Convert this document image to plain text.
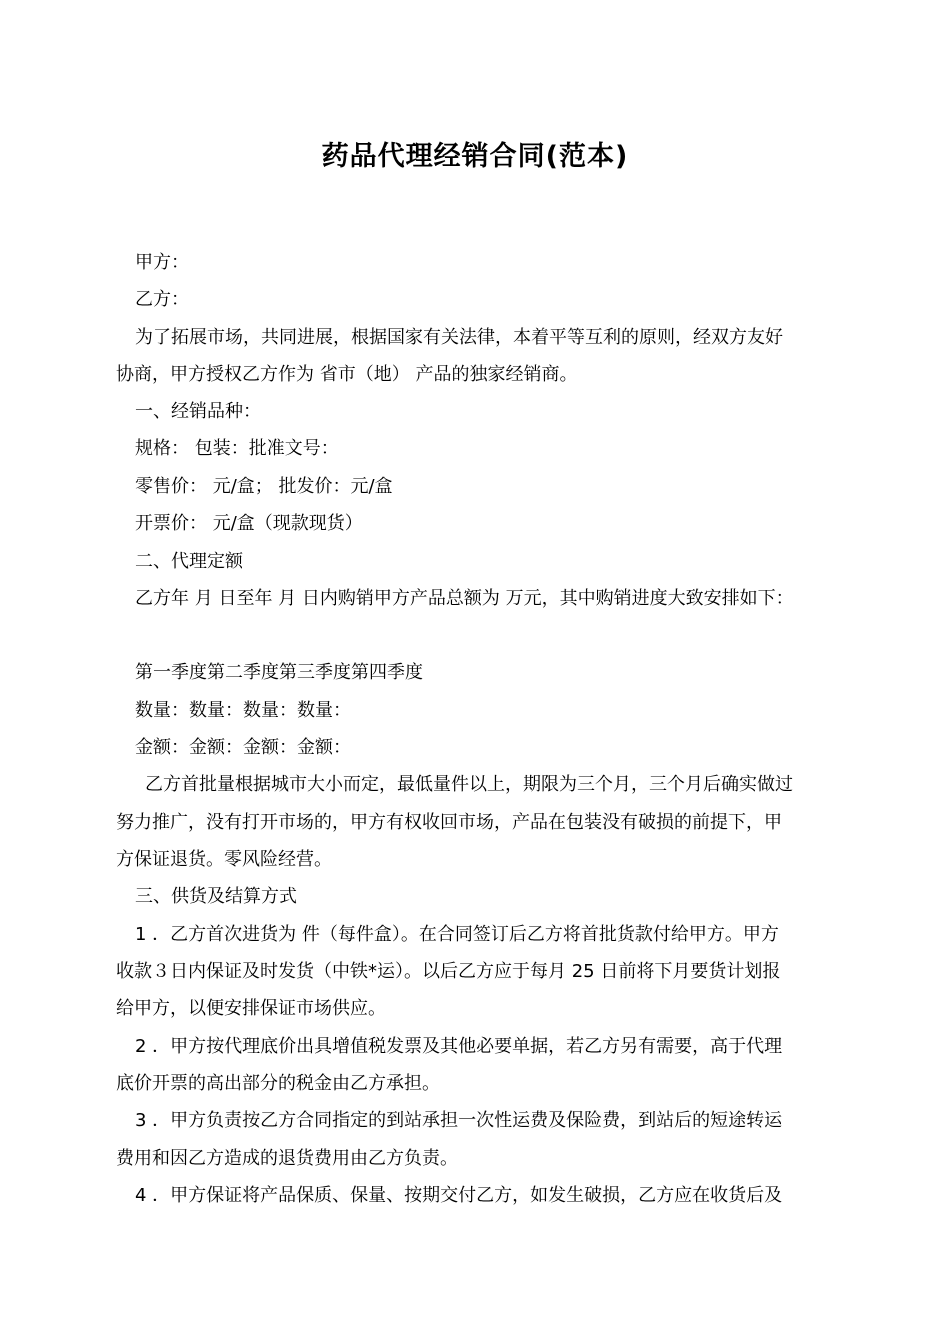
药品代理经销合同(范本)

甲方：

乙方：

为了拓展市场，共同进展，根据国家有关法律，本着平等互利的原则，经双方友好

协商，甲方授权乙方作为 省市（地） 产品的独家经销商。

一、经销品种：

规格： 包装：批准文号：

零售价： 元/盒； 批发价：元/盒

开票价： 元/盒（现款现货）

二、代理定额

乙方年 月 日至年 月 日内购销甲方产品总额为 万元，其中购销进度大致安排如下：

第一季度第二季度第三季度第四季度

数量：数量：数量：数量：

金额：金额：金额：金额：

乙方首批量根据城市大小而定，最低量件以上，期限为三个月，三个月后确实做过

努力推广，没有打开市场的，甲方有权收回市场，产品在包装没有破损的前提下，甲

方保证退货。零风险经营。

三、供货及结算方式

1 ．乙方首次进货为 件（每件盒）。在合同签订后乙方将首批货款付给甲方。甲方

收款３日内保证及时发货（中铁*运）。以后乙方应于每月 25 日前将下月要货计划报

给甲方，以便安排保证市场供应。

2 ．甲方按代理底价出具增值税发票及其他必要单据，若乙方另有需要，高于代理

底价开票的高出部分的税金由乙方承担。

3 ．甲方负责按乙方合同指定的到站承担一次性运费及保险费，到站后的短途转运

费用和因乙方造成的退货费用由乙方负责。

4 ．甲方保证将产品保质、保量、按期交付乙方，如发生破损，乙方应在收货后及
